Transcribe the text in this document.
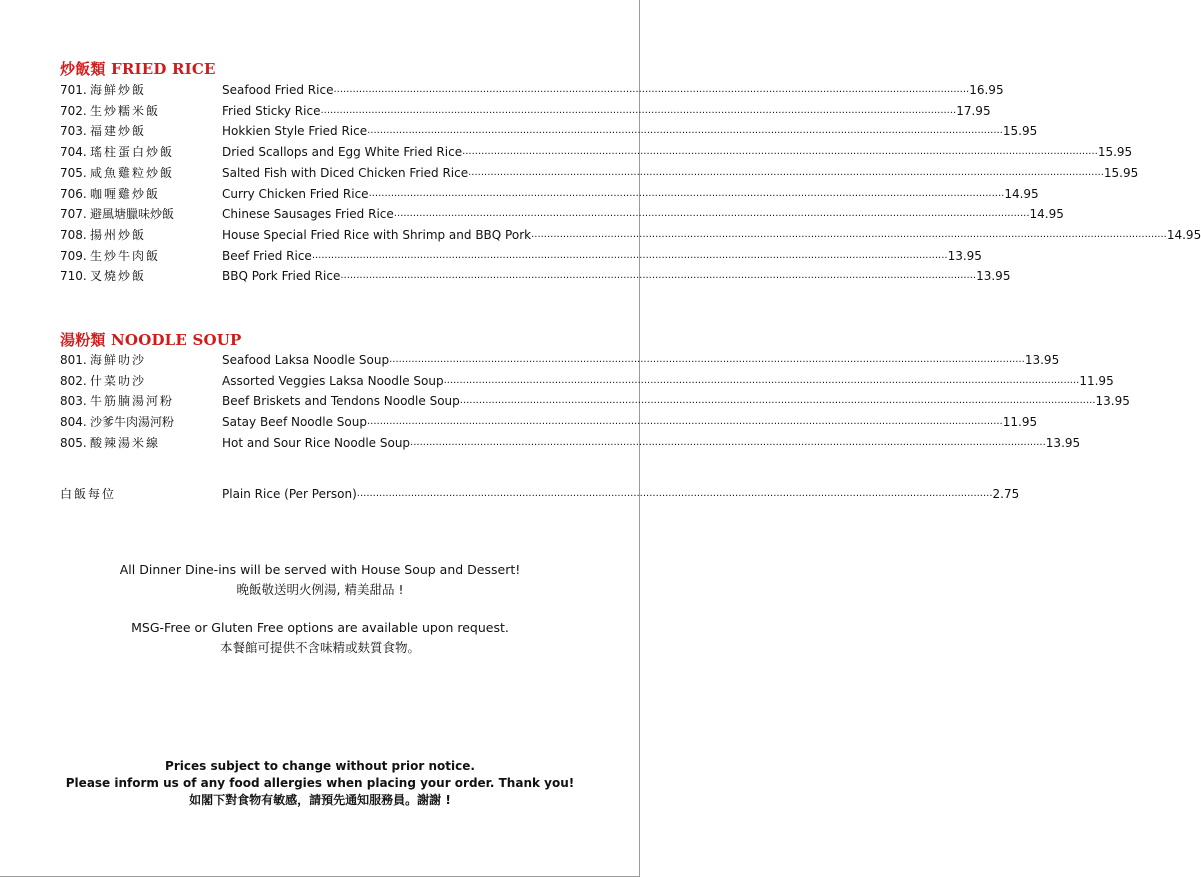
炒飯類 FRIED RICE
701. 海鮮炒飯	Seafood Fried Rice ........................................................................................................................................................................................................ 16.95
702. 生炒糯米飯	Fried Sticky Rice ........................................................................................................................................................................................................ 17.95
703. 福建炒飯	Hokkien Style Fried Rice ........................................................................................................................................................................................................ 15.95
704. 瑤柱蛋白炒飯	Dried Scallops and Egg White Fried Rice ........................................................................................................................................................................................................ 15.95
705. 咸魚雞粒炒飯	Salted Fish with Diced Chicken Fried Rice ........................................................................................................................................................................................................ 15.95
706. 咖喱雞炒飯	Curry Chicken Fried Rice ........................................................................................................................................................................................................ 14.95
707. 避風塘臘味炒飯	Chinese Sausages Fried Rice ........................................................................................................................................................................................................ 14.95
708. 揚州炒飯	House Special Fried Rice with Shrimp and BBQ Pork ........................................................................................................................................................................................................ 14.95
709. 生炒牛肉飯	Beef Fried Rice ........................................................................................................................................................................................................ 13.95
710. 叉燒炒飯	BBQ Pork Fried Rice ........................................................................................................................................................................................................ 13.95
湯粉類 NOODLE SOUP
801. 海鮮叻沙	Seafood Laksa Noodle Soup ........................................................................................................................................................................................................ 13.95
802. 什菜叻沙	Assorted Veggies Laksa Noodle Soup ........................................................................................................................................................................................................ 11.95
803. 牛筋腩湯河粉	Beef Briskets and Tendons Noodle Soup ........................................................................................................................................................................................................ 13.95
804. 沙爹牛肉湯河粉	Satay Beef Noodle Soup ........................................................................................................................................................................................................ 11.95
805. 酸辣湯米線	Hot and Sour Rice Noodle Soup ........................................................................................................................................................................................................ 13.95
白飯每位	Plain Rice (Per Person) ........................................................................................................................................................................................................ 2.75
All Dinner Dine-ins will be served with House Soup and Dessert!
晚飯敬送明火例湯, 精美甜品 !
MSG-Free or Gluten Free options are available upon request.
本餐館可提供不含味精或麸質食物。
Prices subject to change without prior notice.
Please inform us of any food allergies when placing your order. Thank you!
如閣下對食物有敏感，請預先通知服務員。謝謝 !
